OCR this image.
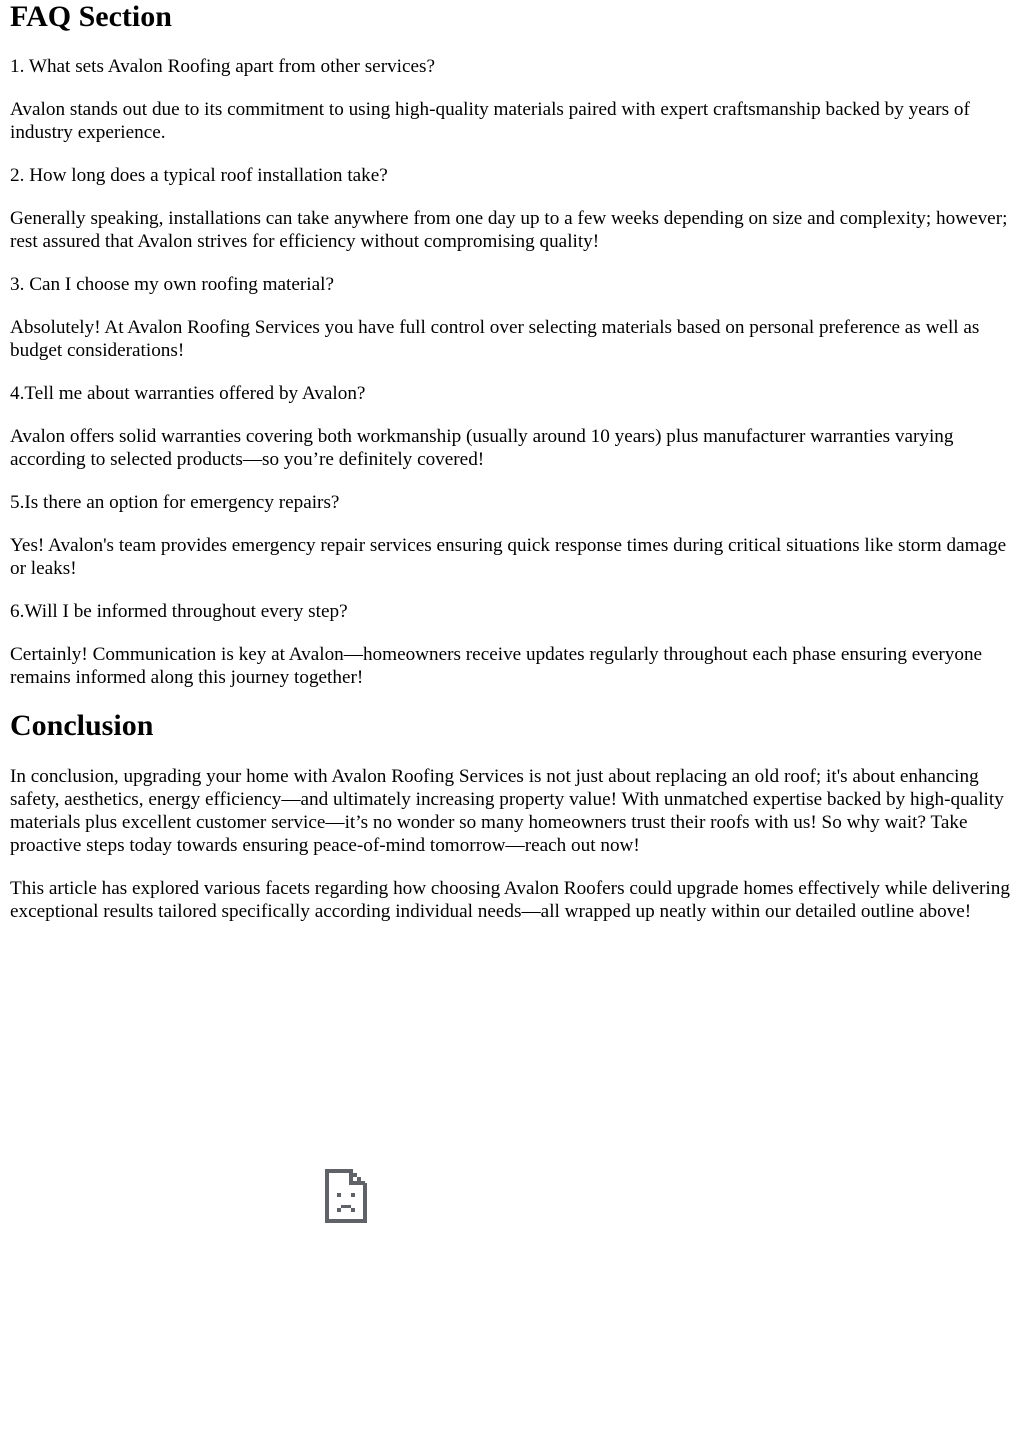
FAQ Section

1. What sets Avalon Roofing apart from other services?

Avalon stands out due to its commitment to using high-quality materials paired with expert craftsmanship backed by years of industry experience.

2. How long does a typical roof installation take?

Generally speaking, installations can take anywhere from one day up to a few weeks depending on size and complexity; however; rest assured that Avalon strives for efficiency without compromising quality!

3. Can I choose my own roofing material?

Absolutely! At Avalon Roofing Services you have full control over selecting materials based on personal preference as well as budget considerations!

4.Tell me about warranties offered by Avalon?

Avalon offers solid warranties covering both workmanship (usually around 10 years) plus manufacturer warranties varying according to selected products—so you’re definitely covered!

5.Is there an option for emergency repairs?

Yes! Avalon's team provides emergency repair services ensuring quick response times during critical situations like storm damage or leaks!

6.Will I be informed throughout every step?

Certainly! Communication is key at Avalon—homeowners receive updates regularly throughout each phase ensuring everyone remains informed along this journey together!

Conclusion

In conclusion, upgrading your home with Avalon Roofing Services is not just about replacing an old roof; it's about enhancing safety, aesthetics, energy efficiency—and ultimately increasing property value! With unmatched expertise backed by high-quality materials plus excellent customer service—it’s no wonder so many homeowners trust their roofs with us! So why wait? Take proactive steps today towards ensuring peace-of-mind tomorrow—reach out now!

This article has explored various facets regarding how choosing Avalon Roofers could upgrade homes effectively while delivering exceptional results tailored specifically according individual needs—all wrapped up neatly within our detailed outline above!
